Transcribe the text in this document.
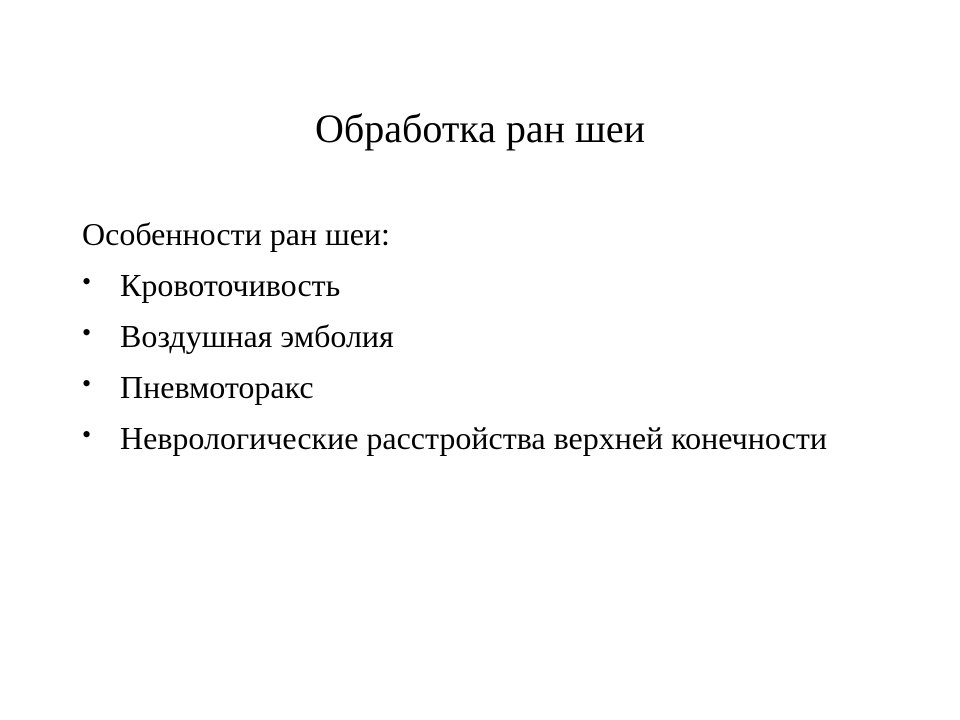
Обработка ран шеи

Особенности ран шеи:

• Кровоточивость
• Воздушная эмболия
• Пневмоторакс
• Неврологические расстройства верхней конечности
